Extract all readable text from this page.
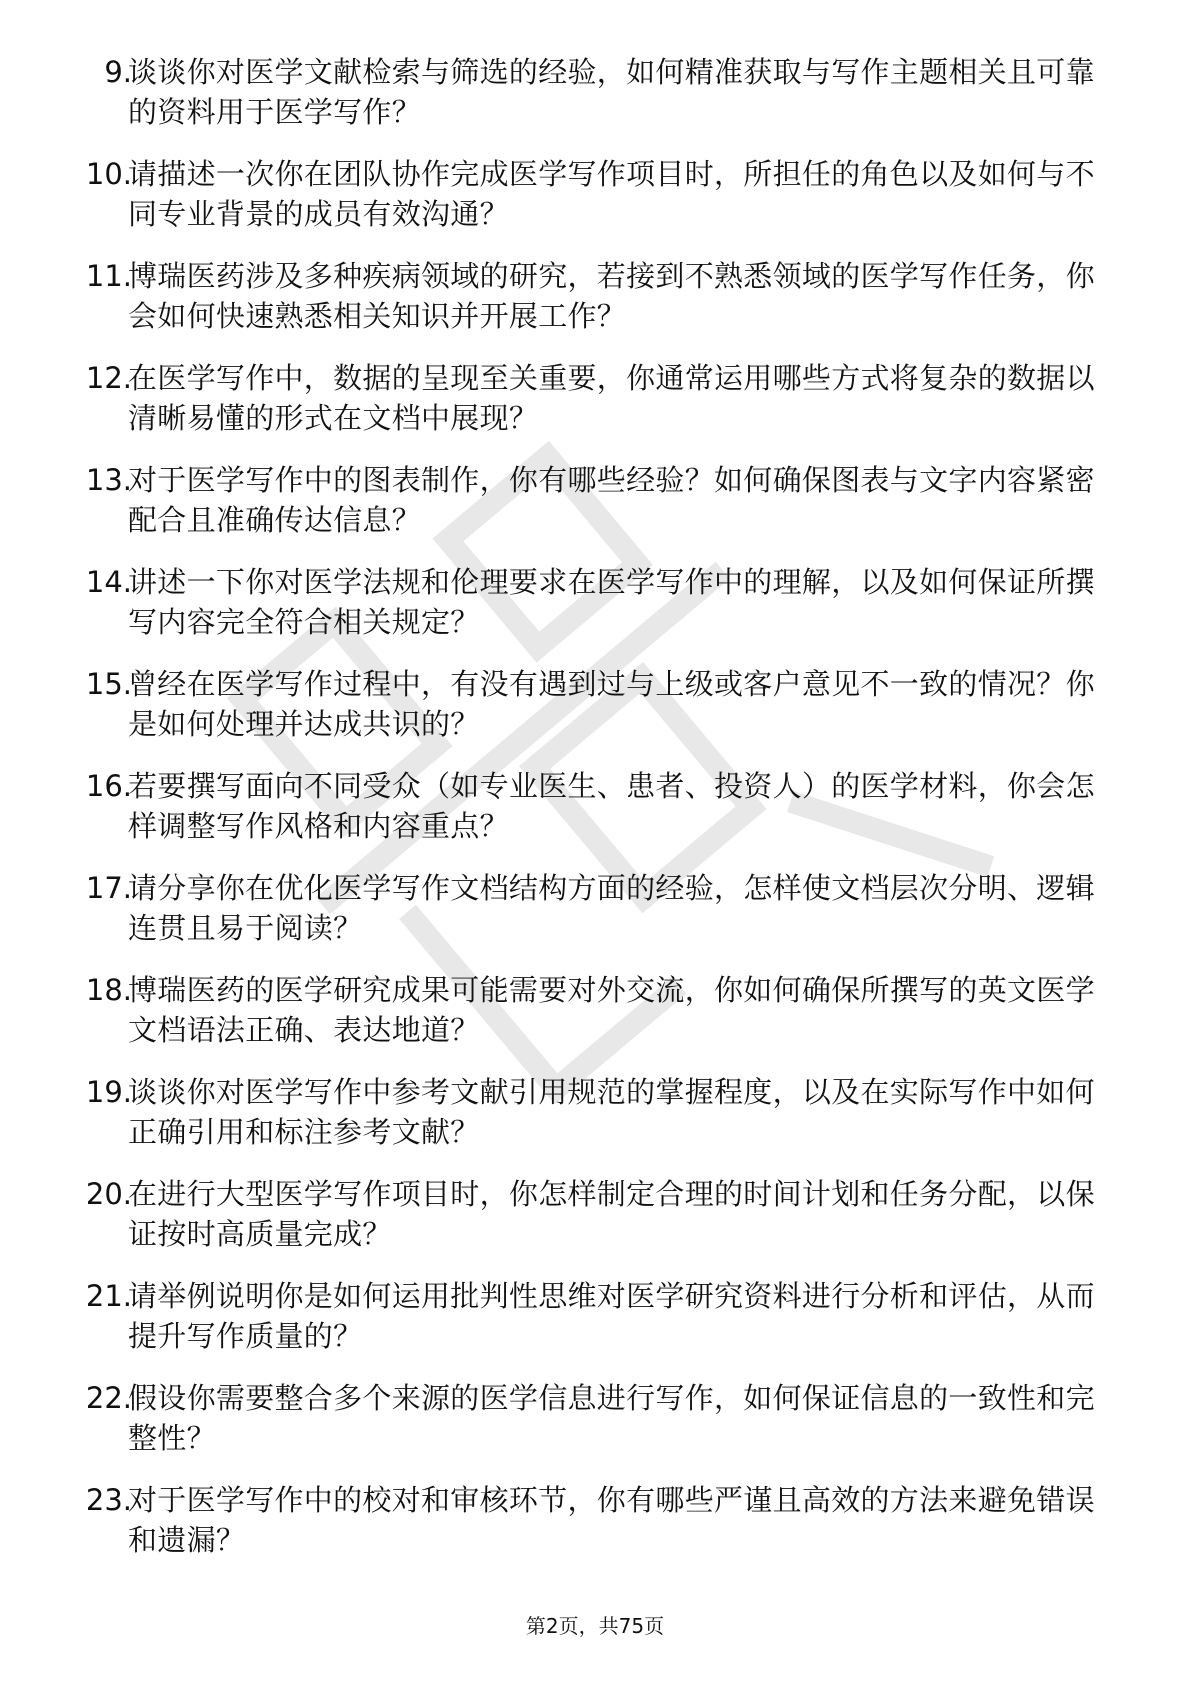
9.
谈谈你对医学文献检索与筛选的经验，如何精准获取与写作主题相关且可靠的资料用于医学写作？
10.
请描述一次你在团队协作完成医学写作项目时，所担任的角色以及如何与不同专业背景的成员有效沟通？
11.
博瑞医药涉及多种疾病领域的研究，若接到不熟悉领域的医学写作任务，你会如何快速熟悉相关知识并开展工作？
12.
在医学写作中，数据的呈现至关重要，你通常运用哪些方式将复杂的数据以清晰易懂的形式在文档中展现？
13.
对于医学写作中的图表制作，你有哪些经验？如何确保图表与文字内容紧密配合且准确传达信息？
14.
讲述一下你对医学法规和伦理要求在医学写作中的理解，以及如何保证所撰写内容完全符合相关规定？
15.
曾经在医学写作过程中，有没有遇到过与上级或客户意见不一致的情况？你是如何处理并达成共识的？
16.
若要撰写面向不同受众（如专业医生、患者、投资人）的医学材料，你会怎样调整写作风格和内容重点？
17.
请分享你在优化医学写作文档结构方面的经验，怎样使文档层次分明、逻辑连贯且易于阅读？
18.
博瑞医药的医学研究成果可能需要对外交流，你如何确保所撰写的英文医学文档语法正确、表达地道？
19.
谈谈你对医学写作中参考文献引用规范的掌握程度，以及在实际写作中如何正确引用和标注参考文献？
20.
在进行大型医学写作项目时，你怎样制定合理的时间计划和任务分配，以保证按时高质量完成？
21.
请举例说明你是如何运用批判性思维对医学研究资料进行分析和评估，从而提升写作质量的？
22.
假设你需要整合多个来源的医学信息进行写作，如何保证信息的一致性和完整性？
23.
对于医学写作中的校对和审核环节，你有哪些严谨且高效的方法来避免错误和遗漏？
第2页，共75页
